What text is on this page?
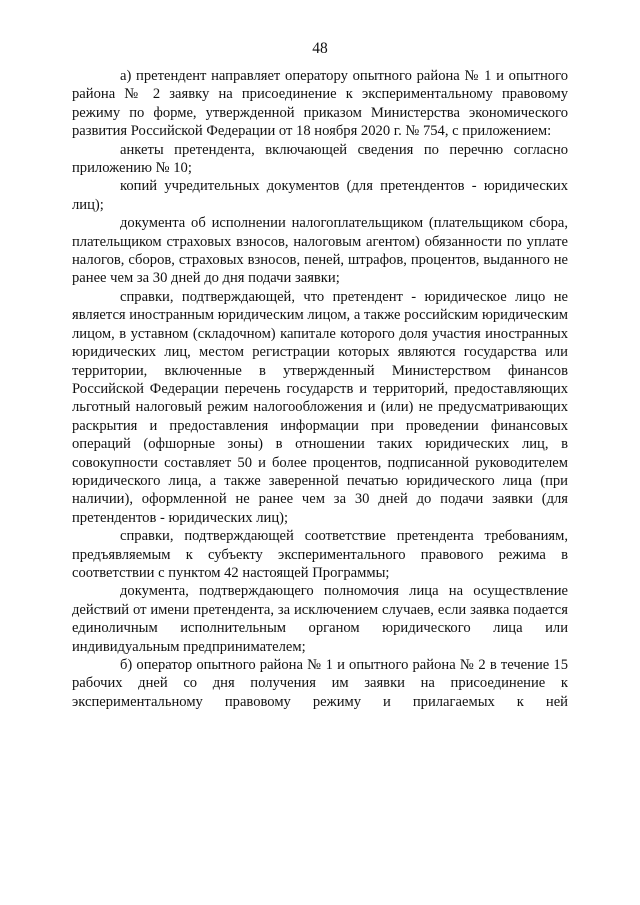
48

а) претендент направляет оператору опытного района № 1 и опытного района № 2 заявку на присоединение к экспериментальному правовому режиму по форме, утвержденной приказом Министерства экономического развития Российской Федерации от 18 ноября 2020 г. № 754, с приложением:

анкеты претендента, включающей сведения по перечню согласно приложению № 10;

копий учредительных документов (для претендентов - юридических лиц);

документа об исполнении налогоплательщиком (плательщиком сбора, плательщиком страховых взносов, налоговым агентом) обязанности по уплате налогов, сборов, страховых взносов, пеней, штрафов, процентов, выданного не ранее чем за 30 дней до дня подачи заявки;

справки, подтверждающей, что претендент - юридическое лицо не является иностранным юридическим лицом, а также российским юридическим лицом, в уставном (складочном) капитале которого доля участия иностранных юридических лиц, местом регистрации которых являются государства или территории, включенные в утвержденный Министерством финансов Российской Федерации перечень государств и территорий, предоставляющих льготный налоговый режим налогообложения и (или) не предусматривающих раскрытия и предоставления информации при проведении финансовых операций (офшорные зоны) в отношении таких юридических лиц, в совокупности составляет 50 и более процентов, подписанной руководителем юридического лица, а также заверенной печатью юридического лица (при наличии), оформленной не ранее чем за 30 дней до подачи заявки (для претендентов - юридических лиц);

справки, подтверждающей соответствие претендента требованиям, предъявляемым к субъекту экспериментального правового режима в соответствии с пунктом 42 настоящей Программы;

документа, подтверждающего полномочия лица на осуществление действий от имени претендента, за исключением случаев, если заявка подается единоличным исполнительным органом юридического лица или индивидуальным предпринимателем;

б) оператор опытного района № 1 и опытного района № 2 в течение 15 рабочих дней со дня получения им заявки на присоединение к экспериментальному правовому режиму и прилагаемых к ней
